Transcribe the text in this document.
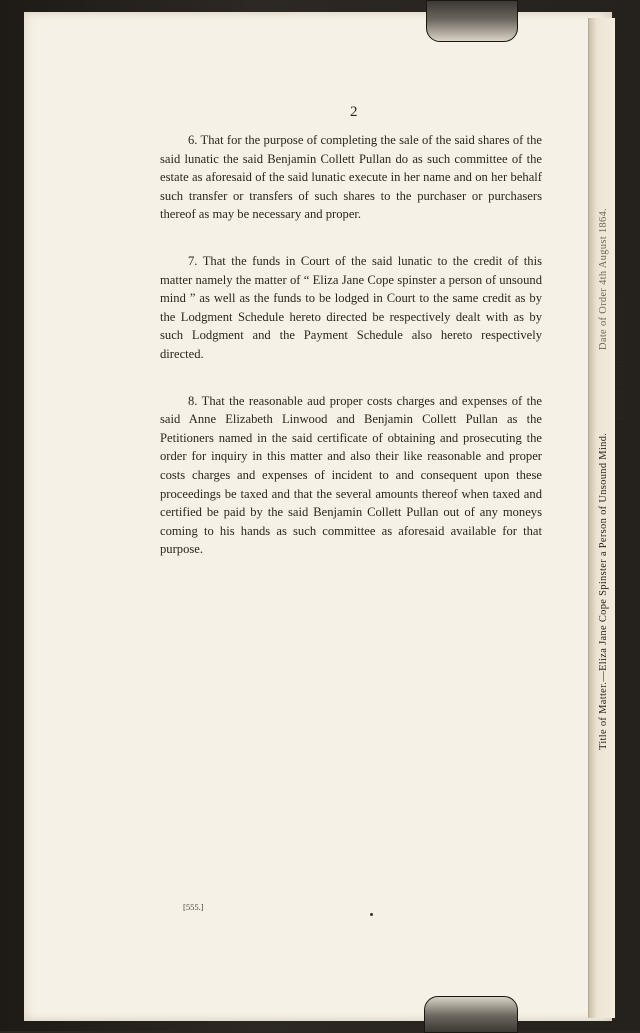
2

6. That for the purpose of completing the sale of the said shares of the said lunatic the said Benjamin Collett Pullan do as such committee of the estate as aforesaid of the said lunatic execute in her name and on her behalf such transfer or transfers of such shares to the purchaser or purchasers thereof as may be necessary and proper.

7. That the funds in Court of the said lunatic to the credit of this matter namely the matter of “ Eliza Jane Cope spinster a person of unsound mind ” as well as the funds to be lodged in Court to the same credit as by the Lodgment Schedule hereto directed be respectively dealt with as by such Lodgment and the Payment Schedule also hereto respectively directed.

8. That the reasonable aud proper costs charges and expenses of the said Anne Elizabeth Linwood and Benjamin Collett Pullan as the Petitioners named in the said certificate of obtaining and prosecuting the order for inquiry in this matter and also their like reasonable and proper costs charges and expenses of incident to and consequent upon these proceedings be taxed and that the several amounts thereof when taxed and certified be paid by the said Benjamin Collett Pullan out of any moneys coming to his hands as such committee as aforesaid available for that purpose.

[555.]
Title of Matter.—Eliza Jane Cope Spinster a Person of Unsound Mind.
Ledger Credit.—As above.
Date of Order 4th August 1864.
